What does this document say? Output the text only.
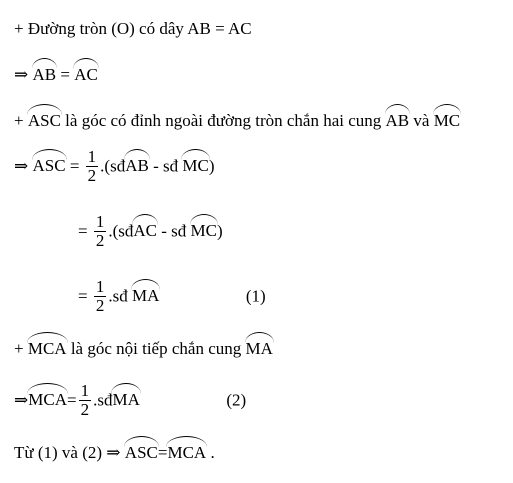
+ Đường tròn (O) có dây AB = AC
⇒ AB = AC
+ ASC là góc có đỉnh ngoài đường tròn chắn hai cung AB và MC
⇒ ASC = $\frac{1}{2}$ .(sđAB - sđ MC)
= $\frac{1}{2}$ .(sđAC - sđ MC)
= $\frac{1}{2}$ .sđ MA	(1)
+ MCA là góc nội tiếp chắn cung MA
⇒MCA= $\frac{1}{2}$ .sđMA	(2)
Từ (1) và (2) ⇒ ASC=MCA .
